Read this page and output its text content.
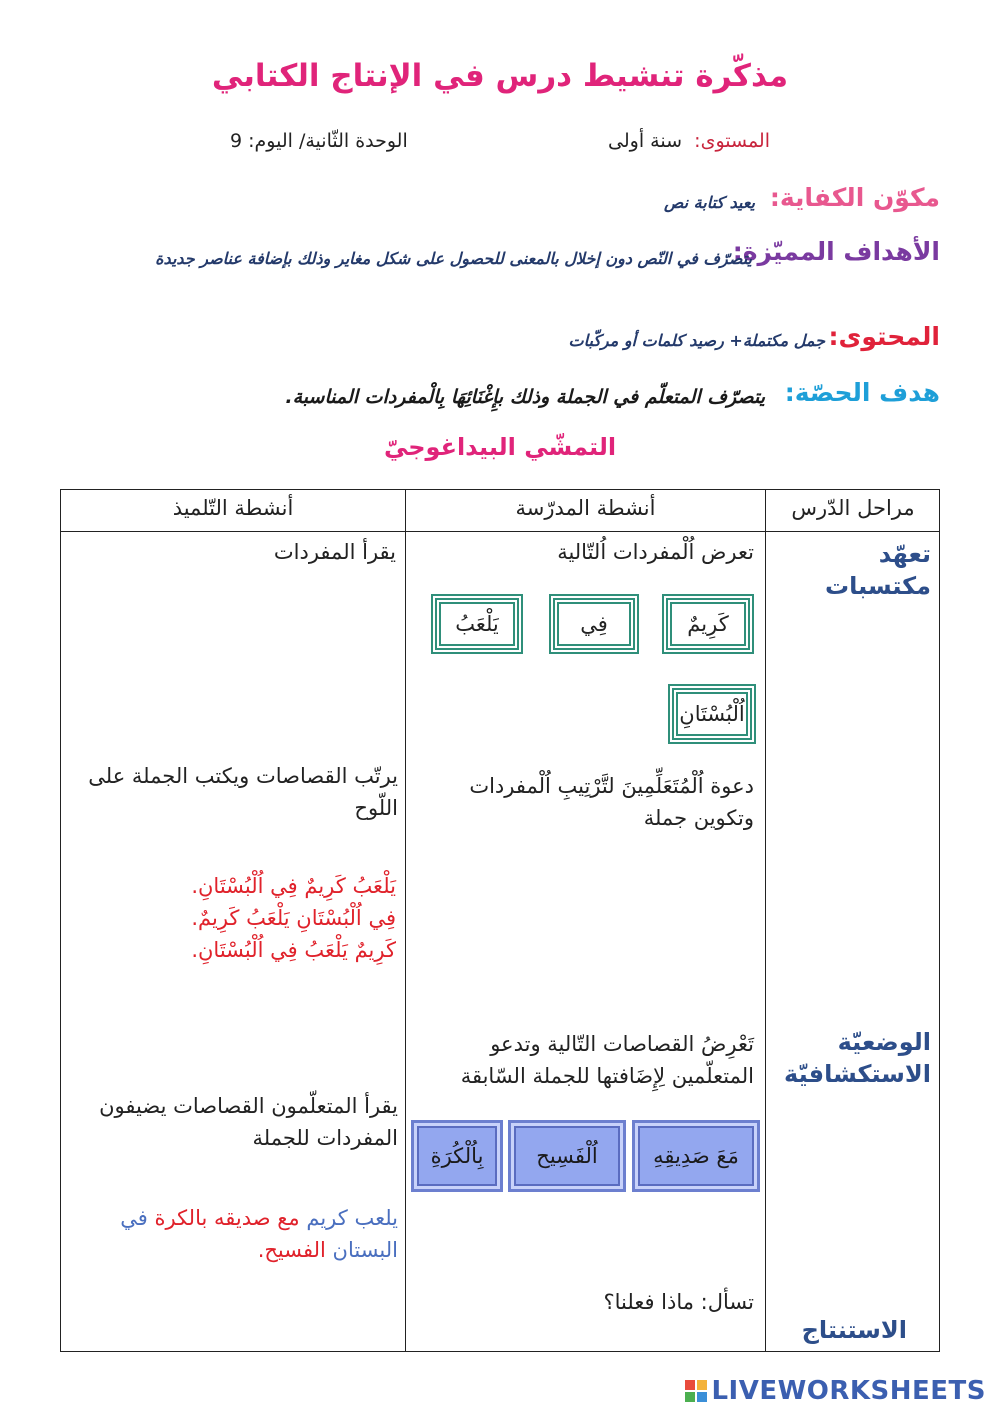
مذكّرة تنشيط درس في الإنتاج الكتابي
المستوى:
سنة أولى
الوحدة الثّانية/ اليوم: 9
مكوّن الكفاية:
يعيد كتابة نص
الأهداف المميّزة:
يتصرّف في النّص دون إخلال بالمعنى للحصول على شكل مغاير وذلك بإضافة عناصر جديدة
المحتوى:
جمل مكتملة+ رصيد كلمات أو مركّبات
هدف الحصّة:
يتصرّف المتعلّم في الجملة وذلك بإِغْنَائِهَا بِالْمفردات المناسبة.
التمشّي البيداغوجيّ
مراحل الدّرس
أنشطة المدرّسة
أنشطة التّلميذ
تعهّد مكتسبات
تعرض اُلْمفردات اُلتّالية
كَرِيمٌ
فِي
يَلْعَبُ
اُلْبُسْتَانِ
دعوة اُلْمُتَعَلِّمِينَ لتَّرْتِيبِ اُلْمفردات وتكوين جملة
يقرأ المفردات
يرتّب القصاصات ويكتب الجملة على اللّوح
يَلْعَبُ كَرِيمٌ فِي اُلْبُسْتَانِ.
فِي اُلْبُسْتَانِ يَلْعَبُ كَرِيمٌ.
كَرِيمٌ يَلْعَبُ فِي اُلْبُسْتَانِ.
الوضعيّة الاستكشافيّة
تَعْرِضُ القصاصات التّالية وتدعو المتعلّمين لِإِضَافتها للجملة السّابقة
مَعَ صَدِيقِهِ
اُلْفَسِيح
بِاُلْكُرَةِ
يقرأ المتعلّمون القصاصات يضيفون المفردات للجملة
يلعب كريم مع صديقه بالكرة في البستان الفسيح.
الاستنتاج
تسأل: ماذا فعلنا؟
LIVEWORKSHEETS
